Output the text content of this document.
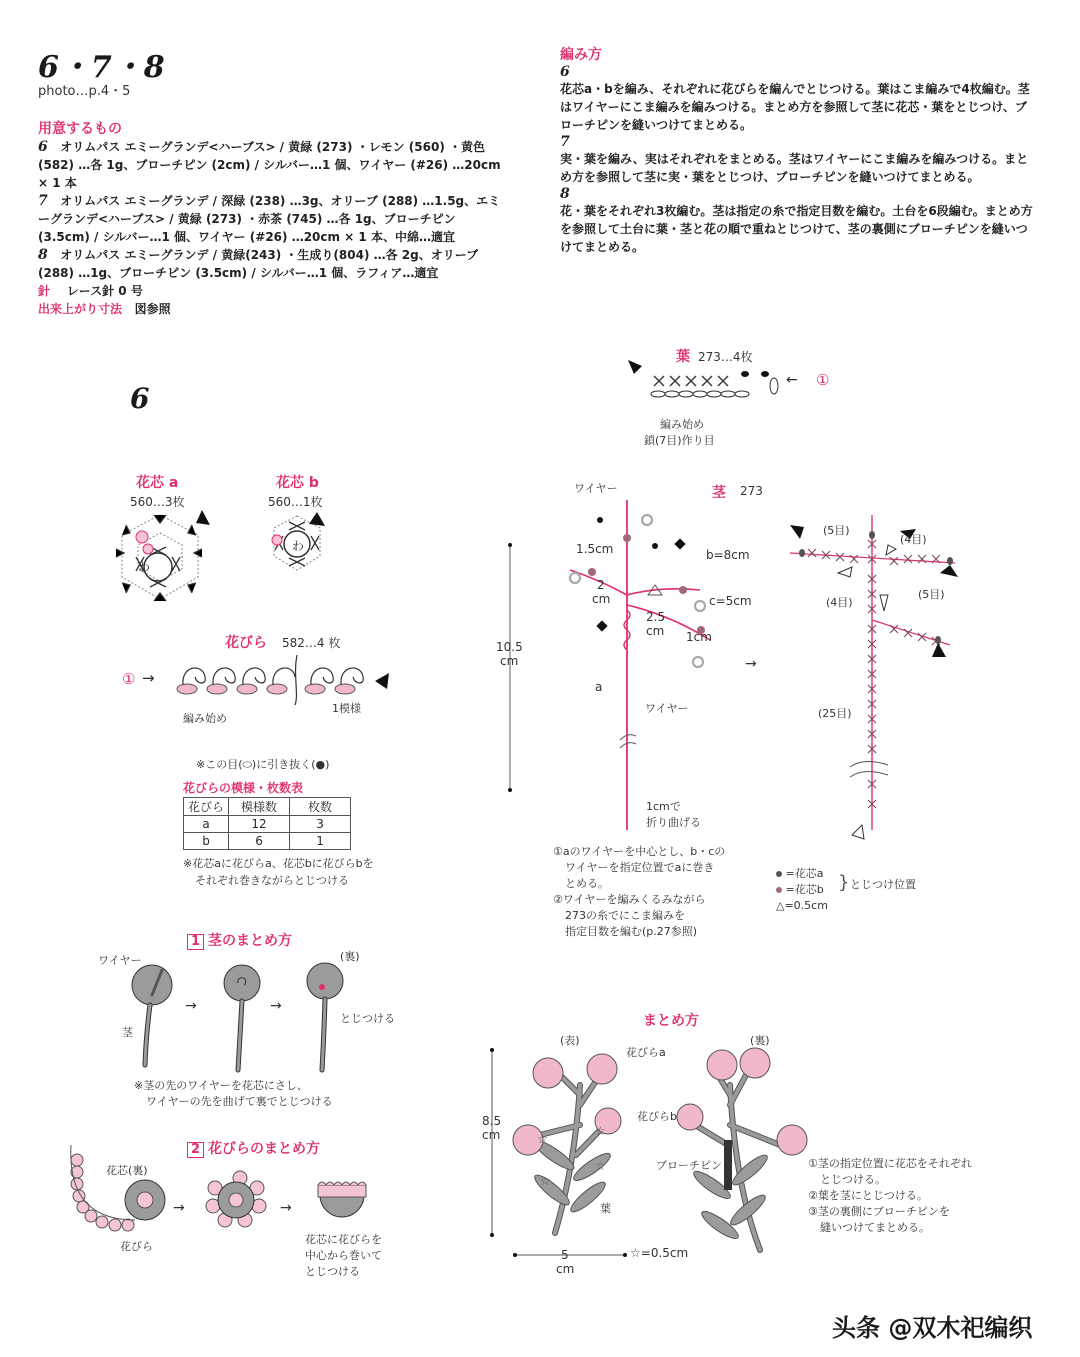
6・7・8
photo…p.4・5
用意するもの
6 オリムパス エミーグランデ<ハーブス> / 黄緑 (273) ・レモン (560) ・黄色 (582) …各 1g、ブローチピン (2cm) / シルバー…1 個、ワイヤー (#26) …20cm × 1 本
7 オリムパス エミーグランデ / 深緑 (238) …3g、オリーブ (288) …1.5g、エミーグランデ<ハーブス> / 黄緑 (273) ・赤茶 (745) …各 1g、ブローチピン (3.5cm) / シルバー…1 個、ワイヤー (#26) …20cm × 1 本、中綿…適宜
8 オリムパス エミーグランデ / 黄緑(243) ・生成り(804) …各 2g、オリーブ(288) …1g、ブローチピン (3.5cm) / シルバー…1 個、ラフィア…適宜
針 レース針 0 号
出来上がり寸法 図参照
編み方
6
花芯a・bを編み、それぞれに花びらを編んでとじつける。葉はこま編みで4枚編む。茎はワイヤーにこま編みを編みつける。まとめ方を参照して茎に花芯・葉をとじつけ、ブローチピンを縫いつけてまとめる。
7
実・葉を編み、実はそれぞれをまとめる。茎はワイヤーにこま編みを編みつける。まとめ方を参照して茎に実・葉をとじつけ、ブローチピンを縫いつけてまとめる。
8
花・葉をそれぞれ3枚編む。茎は指定の糸で指定目数を編む。土台を6段編む。まとめ方を参照して土台に葉・茎と花の順で重ねとじつけて、茎の裏側にブローチピンを縫いつけてまとめる。
6
花芯 a
560…3枚
わ
花芯 b
560…1枚
わ
花びら 582…4 枚
① →
編み始め
1模様
※この目(⬭)に引き抜く(●)
花びらの模様・枚数表
花びら	模様数	枚数
a	12	3
b	6	1
※花芯aに花びらa、花芯bに花びらbを
それぞれ巻きながらとじつける
葉 273…4枚
← ①
編み始め
鎖(7目)作り目
茎 273
→
ワイヤー
1.5cm	b=8cm
c=5cm
2
cm
2.5
cm 1cm
10.5
cm
a
ワイヤー
1cmで
折り曲げる
①aのワイヤーを中心とし、b・cの
ワイヤーを指定位置でaに巻き
とめる。
②ワイヤーを編みくるみながら
273の糸でにこま編みを
指定目数を編む(p.27参照)
(5目)
(4目)
(4目)
(5目)
(25目)
=花芯a
=花芯b
△=0.5cm
} とじつけ位置
1 茎のまとめ方
→	→
ワイヤー
茎
(裏)
とじつける
※茎の先のワイヤーを花芯にさし、
ワイヤーの先を曲げて裏でとじつける
2 花びらのまとめ方
→	→
花芯(裏)
花びら
花芯に花びらを
中心から巻いて
とじつける
まとめ方
(表)	(裏)
☆
☆
☆
☆
花びらa
花びらb
葉
ブローチピン
8.5
cm
5
cm
☆=0.5cm
①茎の指定位置に花芯をそれぞれ
とじつける。
②葉を茎にとじつける。
③茎の裏側にブローチピンを
縫いつけてまとめる。
头条 @双木祀编织
